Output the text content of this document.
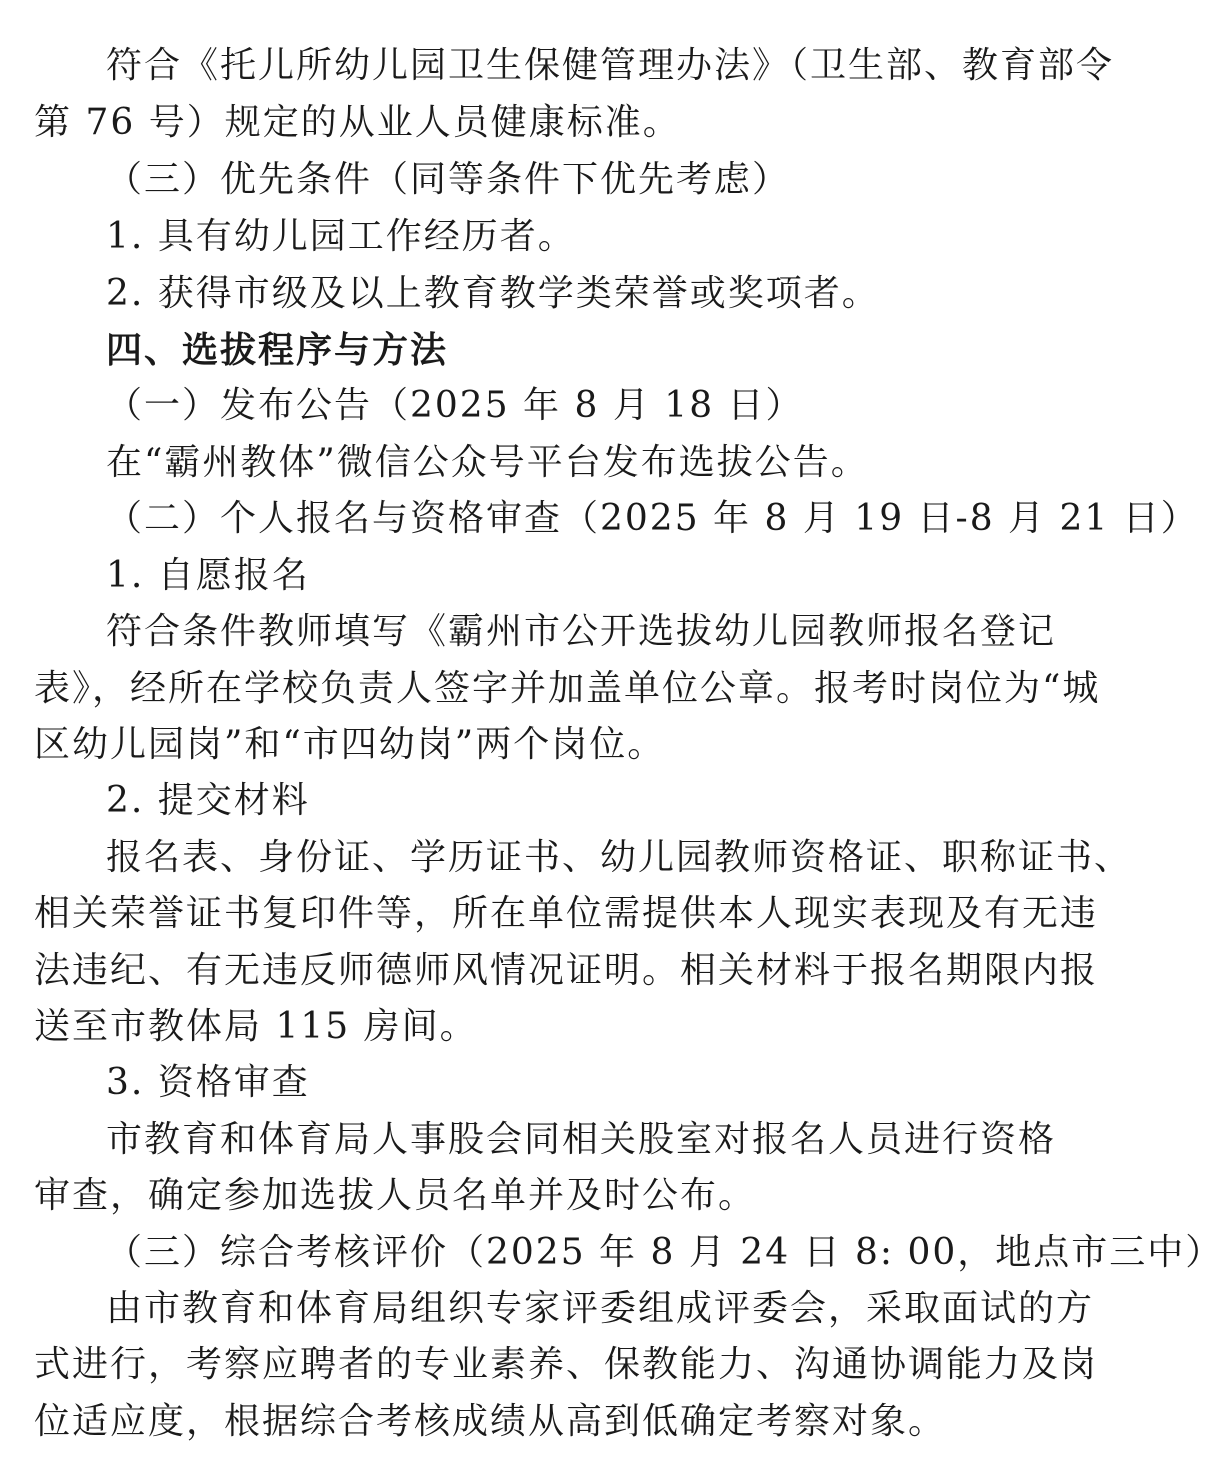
符合《托儿所幼儿园卫生保健管理办法》（卫生部、教育部令
第 76 号）规定的从业人员健康标准。
（三）优先条件（同等条件下优先考虑）
1. 具有幼儿园工作经历者。
2. 获得市级及以上教育教学类荣誉或奖项者。
四、选拔程序与方法
（一）发布公告（2025 年 8 月 18 日）
在“霸州教体”微信公众号平台发布选拔公告。
（二）个人报名与资格审查（2025 年 8 月 19 日-8 月 21 日）
1. 自愿报名
符合条件教师填写《霸州市公开选拔幼儿园教师报名登记
表》，经所在学校负责人签字并加盖单位公章。报考时岗位为“城
区幼儿园岗”和“市四幼岗”两个岗位。
2. 提交材料
报名表、身份证、学历证书、幼儿园教师资格证、职称证书、
相关荣誉证书复印件等，所在单位需提供本人现实表现及有无违
法违纪、有无违反师德师风情况证明。相关材料于报名期限内报
送至市教体局 115 房间。
3. 资格审查
市教育和体育局人事股会同相关股室对报名人员进行资格
审查，确定参加选拔人员名单并及时公布。
（三）综合考核评价（2025 年 8 月 24 日 8: 00，地点市三中）
由市教育和体育局组织专家评委组成评委会，采取面试的方
式进行，考察应聘者的专业素养、保教能力、沟通协调能力及岗
位适应度，根据综合考核成绩从高到低确定考察对象。
